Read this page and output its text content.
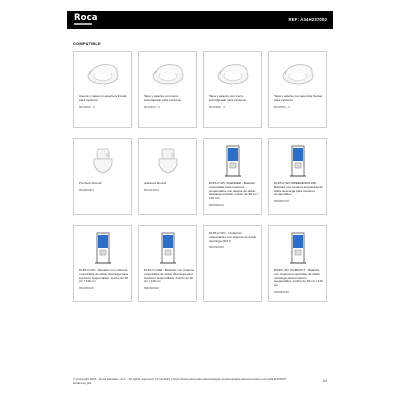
Roca	REF: A34H237000
COMPATIBLE
Asiento y tapa con apertura frontal para inodoros
8012900...4
Tapa y asiento con cierre amortiguado para inodoros
8012904...4
Tapa y asiento con cierre amortiguado para inodoros
8012906...4
Tapa y asiento con apertura frontal para inodoros
8012905...4
Premium Round
804400001
Advance Round
804401001
DUPLO WC SLENDER - Bastidor empotrable para inodoros suspendidos con tanque de doble descarga incluido. Ancho de 90 cm / 116 mm
890099100
DUPLO WC BREEZE/ROUND - Bastidor con cisterna empotrada de doble descarga para inodoros suspendidos
890090700
DUPLO WC - Bastidor con cisterna empotrable de doble descarga para inodoros suspendidos. Ancho de 90 cm / 116 cm
890090100
DUPLO ONE - Bastidor con cisterna empotrable de doble descarga para inodoros suspendidos. Ancho de 90 cm / 116 cm
890090020
DUPLO WC - Cisternas empotrables con sistema de doble descarga (6/3 l)
890090000
BASIC WC COMPACT - Bastidor con cisterna empotrable de doble descarga para inodoros suspendidos. Ancho de 90 cm / 116 cm
890090230
© Copyright 2021 - Roca Sanitario, S.A. - All rights reserved | 11-12-2021 | https://www.roca.es/productos/tapas-inodoros/tapa-asiento-inodoro-ref-A34H237000?locale=es_ES	1/4
